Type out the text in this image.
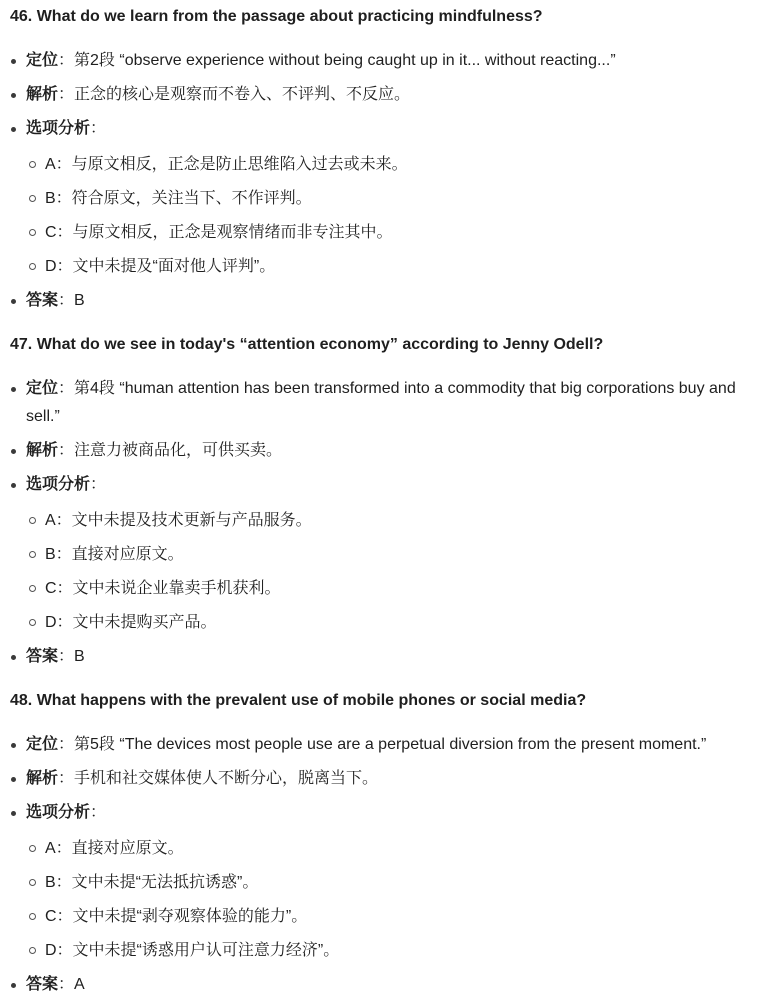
46. What do we learn from the passage about practicing mindfulness?

定位：第2段 “observe experience without being caught up in it... without reacting...”

解析：正念的核心是观察而不卷入、不评判、不反应。

选项分析：

A：与原文相反，正念是防止思维陷入过去或未来。

B：符合原文，关注当下、不作评判。

C：与原文相反，正念是观察情绪而非专注其中。

D：文中未提及“面对他人评判”。

答案：B

47. What do we see in today's “attention economy” according to Jenny Odell?

定位：第4段 “human attention has been transformed into a commodity that big corporations buy and sell.”

解析：注意力被商品化，可供买卖。

选项分析：

A：文中未提及技术更新与产品服务。

B：直接对应原文。

C：文中未说企业靠卖手机获利。

D：文中未提购买产品。

答案：B

48. What happens with the prevalent use of mobile phones or social media?

定位：第5段 “The devices most people use are a perpetual diversion from the present moment.”

解析：手机和社交媒体使人不断分心，脱离当下。

选项分析：

A：直接对应原文。

B：文中未提“无法抵抗诱惑”。

C：文中未提“剥夺观察体验的能力”。

D：文中未提“诱惑用户认可注意力经济”。

答案：A
